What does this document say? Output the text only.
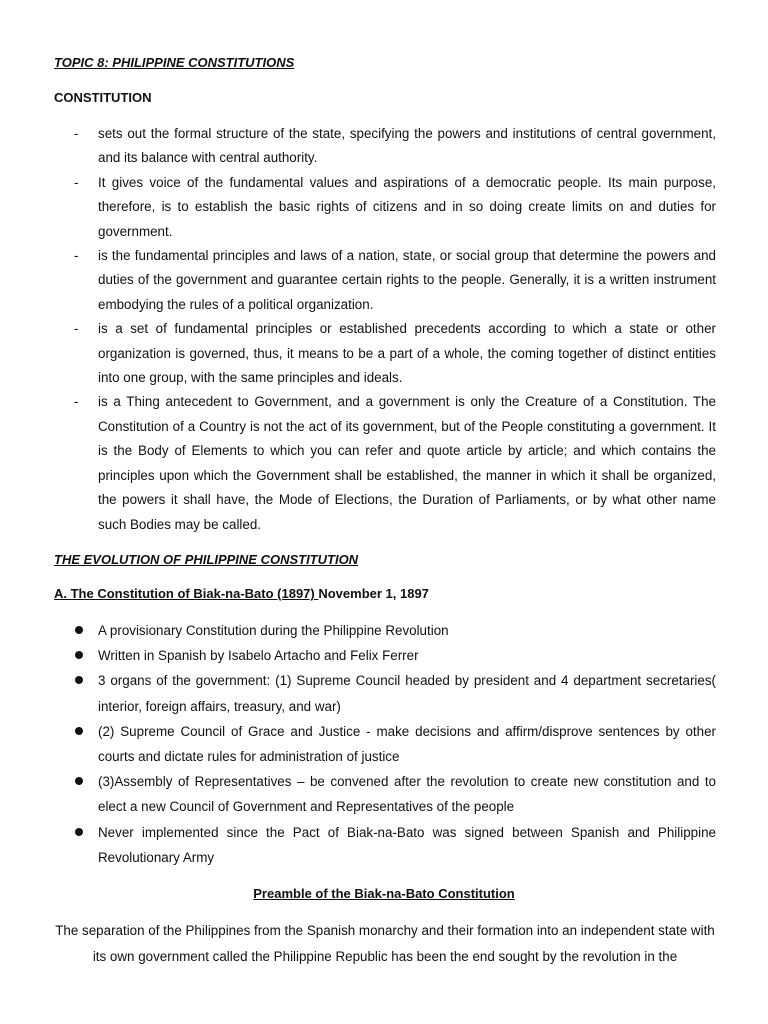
TOPIC 8: PHILIPPINE CONSTITUTIONS
CONSTITUTION
- sets out the formal structure of the state, specifying the powers and institutions of central government, and its balance with central authority.
- It gives voice of the fundamental values and aspirations of a democratic people. Its main purpose, therefore, is to establish the basic rights of citizens and in so doing create limits on and duties for government.
- is the fundamental principles and laws of a nation, state, or social group that determine the powers and duties of the government and guarantee certain rights to the people. Generally, it is a written instrument embodying the rules of a political organization.
- is a set of fundamental principles or established precedents according to which a state or other organization is governed, thus, it means to be a part of a whole, the coming together of distinct entities into one group, with the same principles and ideals.
- is a Thing antecedent to Government, and a government is only the Creature of a Constitution. The Constitution of a Country is not the act of its government, but of the People constituting a government. It is the Body of Elements to which you can refer and quote article by article; and which contains the principles upon which the Government shall be established, the manner in which it shall be organized, the powers it shall have, the Mode of Elections, the Duration of Parliaments, or by what other name such Bodies may be called.
THE EVOLUTION OF PHILIPPINE CONSTITUTION
A. The Constitution of Biak-na-Bato (1897) November 1, 1897
A provisionary Constitution during the Philippine Revolution
Written in Spanish by Isabelo Artacho and Felix Ferrer
3 organs of the government: (1) Supreme Council headed by president and 4 department secretaries( interior, foreign affairs, treasury, and war)
(2) Supreme Council of Grace and Justice - make decisions and affirm/disprove sentences by other courts and dictate rules for administration of justice
(3)Assembly of Representatives – be convened after the revolution to create new constitution and to elect a new Council of Government and Representatives of the people
Never implemented since the Pact of Biak-na-Bato was signed between Spanish and Philippine Revolutionary Army
Preamble of the Biak-na-Bato Constitution
The separation of the Philippines from the Spanish monarchy and their formation into an independent state with its own government called the Philippine Republic has been the end sought by the revolution in the
